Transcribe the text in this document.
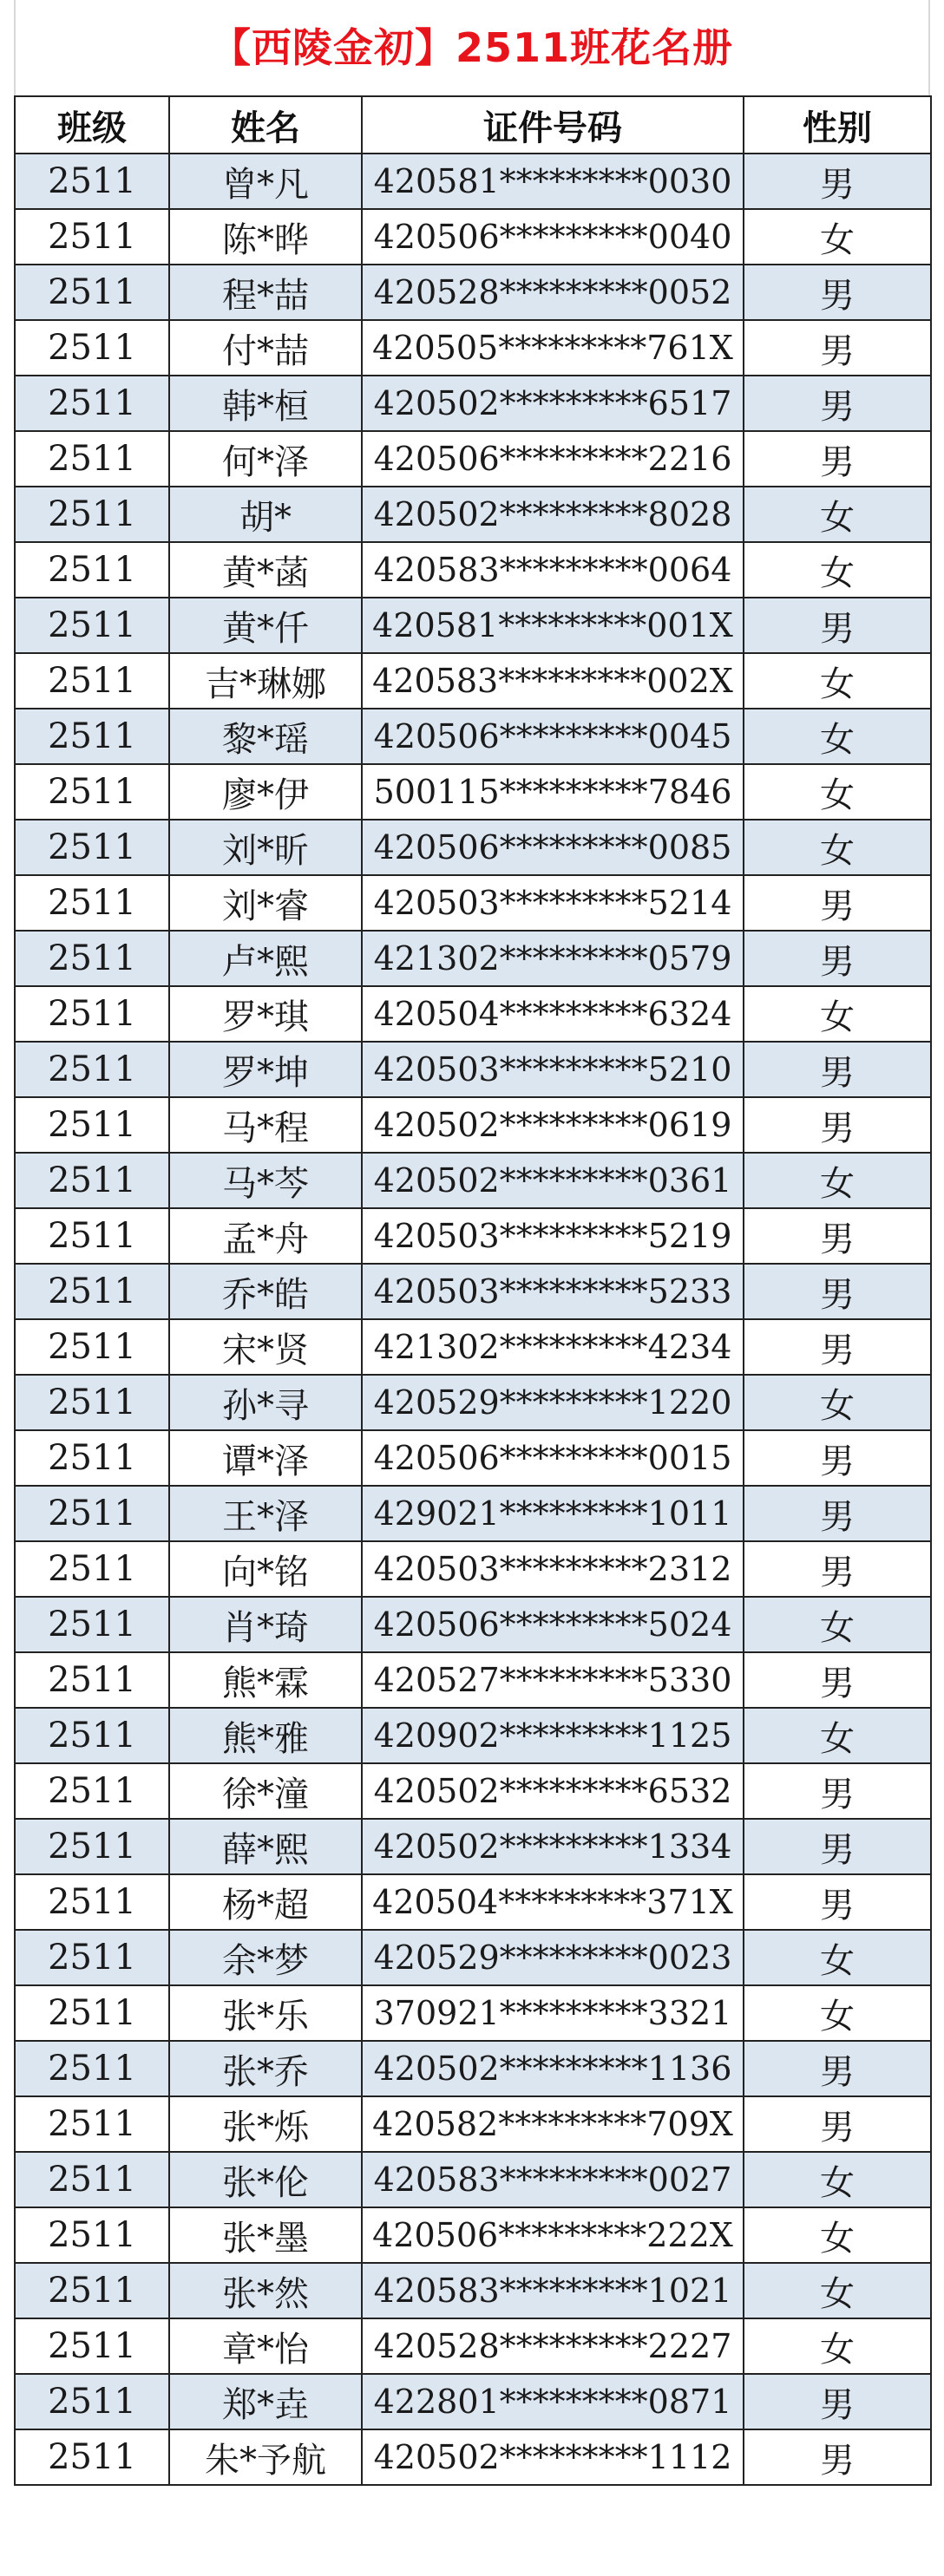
【西陵金初】2511班花名册
班级	姓名	证件号码	性别
2511	曾*凡	420581*********0030	男
2511	陈*晔	420506*********0040	女
2511	程*喆	420528*********0052	男
2511	付*喆	420505*********761X	男
2511	韩*桓	420502*********6517	男
2511	何*泽	420506*********2216	男
2511	胡*	420502*********8028	女
2511	黄*菡	420583*********0064	女
2511	黄*仟	420581*********001X	男
2511	吉*琳娜	420583*********002X	女
2511	黎*瑶	420506*********0045	女
2511	廖*伊	500115*********7846	女
2511	刘*昕	420506*********0085	女
2511	刘*睿	420503*********5214	男
2511	卢*熙	421302*********0579	男
2511	罗*琪	420504*********6324	女
2511	罗*坤	420503*********5210	男
2511	马*程	420502*********0619	男
2511	马*芩	420502*********0361	女
2511	孟*舟	420503*********5219	男
2511	乔*皓	420503*********5233	男
2511	宋*贤	421302*********4234	男
2511	孙*寻	420529*********1220	女
2511	谭*泽	420506*********0015	男
2511	王*泽	429021*********1011	男
2511	向*铭	420503*********2312	男
2511	肖*琦	420506*********5024	女
2511	熊*霖	420527*********5330	男
2511	熊*雅	420902*********1125	女
2511	徐*潼	420502*********6532	男
2511	薛*熙	420502*********1334	男
2511	杨*超	420504*********371X	男
2511	余*梦	420529*********0023	女
2511	张*乐	370921*********3321	女
2511	张*乔	420502*********1136	男
2511	张*烁	420582*********709X	男
2511	张*伦	420583*********0027	女
2511	张*墨	420506*********222X	女
2511	张*然	420583*********1021	女
2511	章*怡	420528*********2227	女
2511	郑*垚	422801*********0871	男
2511	朱*予航	420502*********1112	男
